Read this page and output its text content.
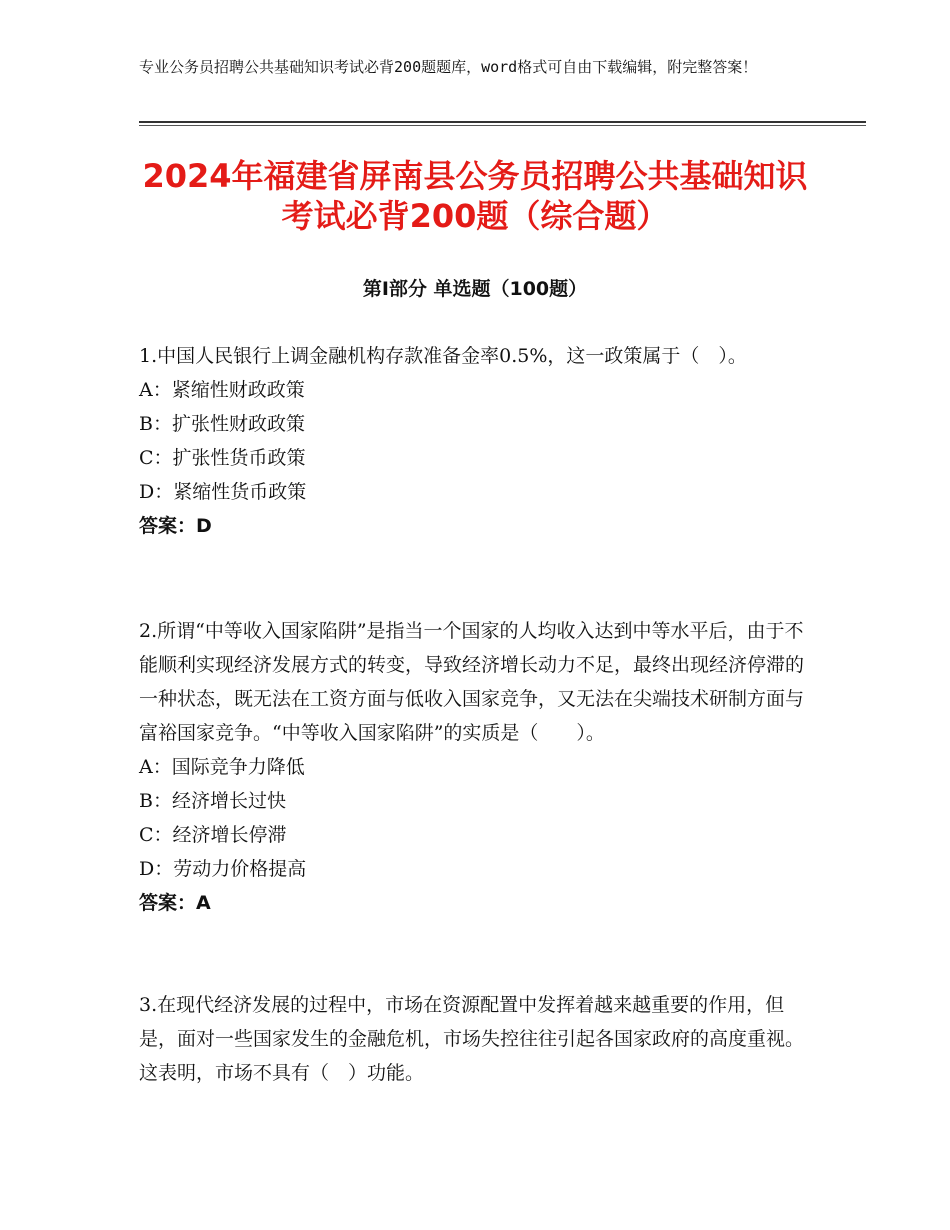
专业公务员招聘公共基础知识考试必背200题题库，word格式可自由下载编辑，附完整答案！
2024年福建省屏南县公务员招聘公共基础知识考试必背200题（综合题）
第Ⅰ部分 单选题（100题）
1.中国人民银行上调金融机构存款准备金率0.5%，这一政策属于（　）。
A：紧缩性财政政策
B：扩张性财政政策
C：扩张性货币政策
D：紧缩性货币政策
答案：D
2.所谓“中等收入国家陷阱”是指当一个国家的人均收入达到中等水平后，由于不能顺利实现经济发展方式的转变，导致经济增长动力不足，最终出现经济停滞的一种状态，既无法在工资方面与低收入国家竞争，又无法在尖端技术研制方面与富裕国家竞争。“中等收入国家陷阱”的实质是（　　）。
A：国际竞争力降低
B：经济增长过快
C：经济增长停滞
D：劳动力价格提高
答案：A
3.在现代经济发展的过程中，市场在资源配置中发挥着越来越重要的作用，但是，面对一些国家发生的金融危机，市场失控往往引起各国家政府的高度重视。这表明，市场不具有（　）功能。
